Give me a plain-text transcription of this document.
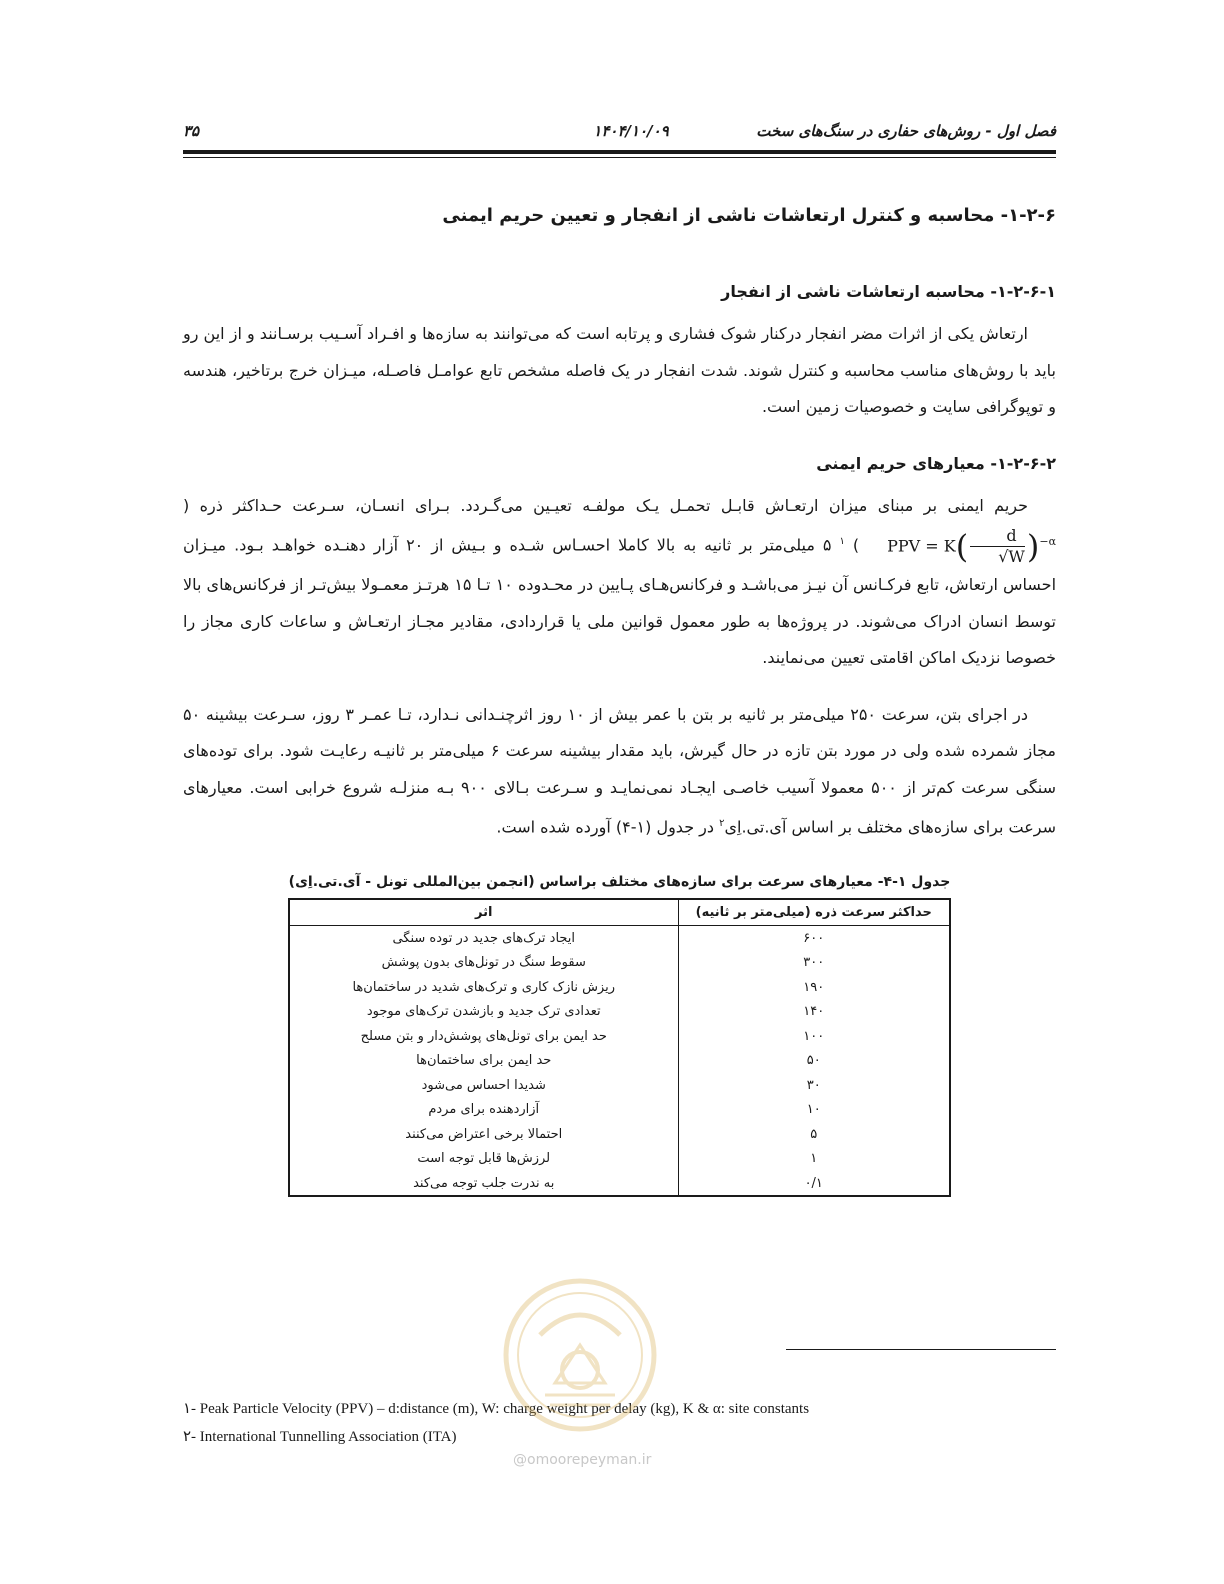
فصل اول - روش‌های حفاری در سنگ‌های سخت
۱۴۰۴/۱۰/۰۹
۳۵
۱-۲-۶- محاسبه و کنترل ارتعاشات ناشی از انفجار و تعیین حریم ایمنی
۱-۲-۶-۱- محاسبه ارتعاشات ناشی از انفجار

ارتعاش یکی از اثرات مضر انفجار درکنار شوک فشاری و پرتابه است که می‌توانند به سازه‌ها و افـراد آسـیب برسـانند و از این رو باید با روش‌های مناسب محاسبه و کنترل شوند. شدت انفجار در یک فاصله مشخص تابع عوامـل فاصـله، میـزان خرج برتاخیر، هندسه و توپوگرافی سایت و خصوصیات زمین است.

۱-۲-۶-۲- معیارهای حریم ایمنی

حریم ایمنی بر مبنای میزان ارتعـاش قابـل تحمـل یـک مولفـه تعیـین می‌گـردد. بـرای انسـان، سـرعت حـداکثر ذره $(PPV = K( \frac{d}{√W} )^{-\alpha})$ $^۱$ ۵ میلی‌متر بر ثانیه به بالا کاملا احسـاس شـده و بـیش از ۲۰ آزار دهنـده خواهـد بـود. میـزان احساس ارتعاش، تابع فرکـانس آن نیـز می‌باشـد و فرکانس‌هـای پـایین در محـدوده ۱۰ تـا ۱۵ هرتـز معمـولا بیش‌تـر از فرکانس‌های بالا توسط انسان ادراک می‌شوند. در پروژه‌ها به طور معمول قوانین ملی یا قراردادی، مقادیر مجـاز ارتعـاش و ساعات کاری مجاز را خصوصا نزدیک اماکن اقامتی تعیین می‌نمایند.

در اجرای بتن، سرعت ۲۵۰ میلی‌متر بر ثانیه بر بتن با عمر بیش از ۱۰ روز اثرچنـدانی نـدارد، تـا عمـر ۳ روز، سـرعت بیشینه ۵۰ مجاز شمرده شده ولی در مورد بتن تازه در حال گیرش، باید مقدار بیشینه سرعت ۶ میلی‌متر بر ثانیـه رعایـت شود. برای توده‌های سنگی سرعت کم‌تر از ۵۰۰ معمولا آسیب خاصـی ایجـاد نمی‌نمایـد و سـرعت بـالای ۹۰۰ بـه منزلـه شروع خرابی است. معیارهای سرعت برای سازه‌های مختلف بر اساس آی.تی.اِی$^۲$ در جدول (۱-۴) آورده شده است.

جدول ۱-۴- معیارهای سرعت برای سازه‌های مختلف براساس (انجمن بین‌المللی تونل - آی.تی.اِی)
حداکثر سرعت ذره (میلی‌متر بر ثانیه)	اثر
۶۰۰	ایجاد ترک‌های جدید در توده سنگی
۳۰۰	سقوط سنگ در تونل‌های بدون پوشش
۱۹۰	ریزش نازک کاری و ترک‌های شدید در ساختمان‌ها
۱۴۰	تعدادی ترک جدید و بازشدن ترک‌های موجود
۱۰۰	حد ایمن برای تونل‌های پوشش‌دار و بتن مسلح
۵۰	حد ایمن برای ساختمان‌ها
۳۰	شدیدا احساس می‌شود
۱۰	آزاردهنده برای مردم
۵	احتمالا برخی اعتراض می‌کنند
۱	لرزش‌ها قابل توجه است
۰/۱	به ندرت جلب توجه می‌کند
۱- Peak Particle Velocity (PPV) – d:distance (m), W: charge weight per delay (kg), K & α: site constants
۲- International Tunnelling Association (ITA)
@omoorepeyman.ir
